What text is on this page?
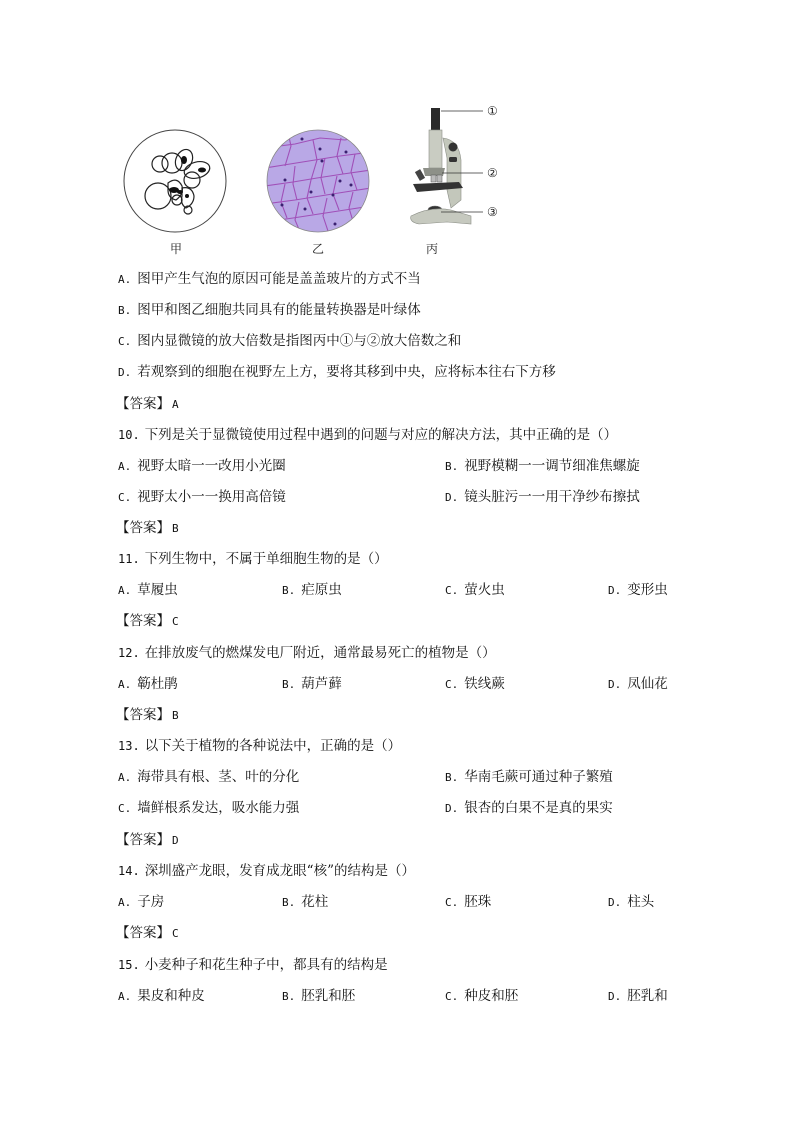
甲	乙
①
②
③
丙
A. 图甲产生气泡的原因可能是盖盖玻片的方式不当
B. 图甲和图乙细胞共同具有的能量转换器是叶绿体
C. 图内显微镜的放大倍数是指图丙中①与②放大倍数之和
D. 若观察到的细胞在视野左上方，要将其移到中央，应将标本往右下方移
【答案】 A
10. 下列是关于显微镜使用过程中遇到的问题与对应的解决方法，其中正确的是（）
A. 视野太暗一一改用小光圈	B. 视野模糊一一调节细准焦螺旋
C. 视野太小一一换用高倍镜	D. 镜头脏污一一用干净纱布擦拭
【答案】 B
11. 下列生物中，不属于单细胞生物的是（）
A. 草履虫	B. 疟原虫	C. 萤火虫	D. 变形虫
【答案】 C
12. 在排放废气的燃煤发电厂附近，通常最易死亡的植物是（）
A. 簕杜鹃	B. 葫芦藓	C. 铁线蕨	D. 凤仙花
【答案】 B
13. 以下关于植物的各种说法中，正确的是（）
A. 海带具有根、茎、叶的分化	B. 华南毛蕨可通过种子繁殖
C. 墙鲜根系发达，吸水能力强	D. 银杏的白果不是真的果实
【答案】 D
14. 深圳盛产龙眼，发育成龙眼“核”的结构是（）
A. 子房	B. 花柱	C. 胚珠	D. 柱头
【答案】 C
15. 小麦种子和花生种子中，都具有的结构是
A. 果皮和种皮	B. 胚乳和胚	C. 种皮和胚	D. 胚乳和
